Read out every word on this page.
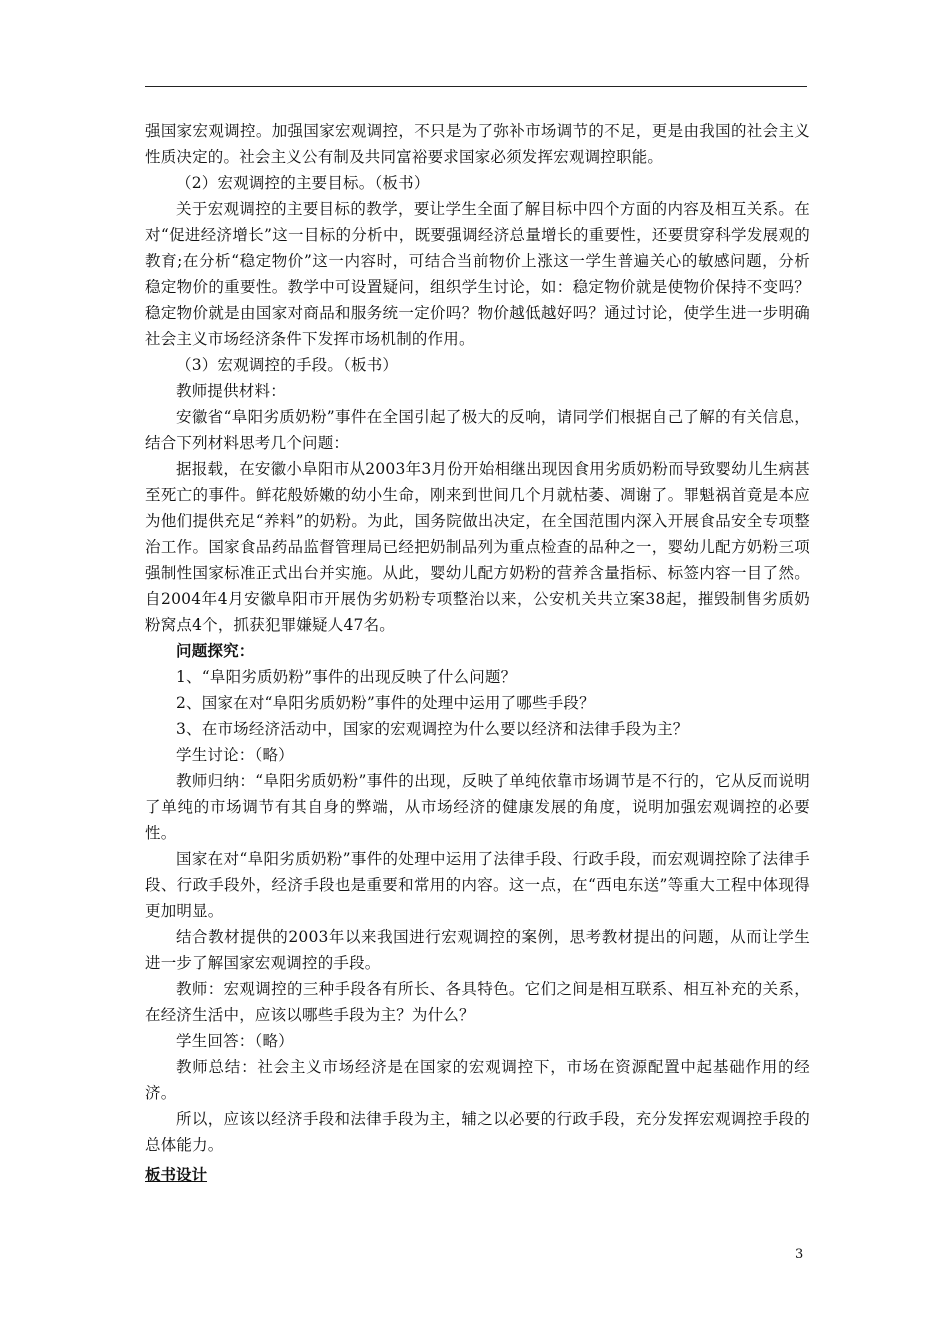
强国家宏观调控。加强国家宏观调控，不只是为了弥补市场调节的不足，更是由我国的社会主义性质决定的。社会主义公有制及共同富裕要求国家必须发挥宏观调控职能。

（2）宏观调控的主要目标。（板书）

关于宏观调控的主要目标的教学，要让学生全面了解目标中四个方面的内容及相互关系。在对“促进经济增长”这一目标的分析中，既要强调经济总量增长的重要性，还要贯穿科学发展观的教育;在分析“稳定物价”这一内容时，可结合当前物价上涨这一学生普遍关心的敏感问题，分析稳定物价的重要性。教学中可设置疑问，组织学生讨论，如：稳定物价就是使物价保持不变吗？稳定物价就是由国家对商品和服务统一定价吗？物价越低越好吗？通过讨论，使学生进一步明确社会主义市场经济条件下发挥市场机制的作用。

（3）宏观调控的手段。（板书）

教师提供材料：

安徽省“阜阳劣质奶粉”事件在全国引起了极大的反响，请同学们根据自己了解的有关信息，结合下列材料思考几个问题：

据报载，在安徽小阜阳市从2003年3月份开始相继出现因食用劣质奶粉而导致婴幼儿生病甚至死亡的事件。鲜花般娇嫩的幼小生命，刚来到世间几个月就枯萎、凋谢了。罪魁祸首竟是本应为他们提供充足“养料”的奶粉。为此，国务院做出决定，在全国范围内深入开展食品安全专项整治工作。国家食品药品监督管理局已经把奶制品列为重点检查的品种之一，婴幼儿配方奶粉三项强制性国家标准正式出台并实施。从此，婴幼儿配方奶粉的营养含量指标、标签内容一目了然。自2004年4月安徽阜阳市开展伪劣奶粉专项整治以来，公安机关共立案38起，摧毁制售劣质奶粉窝点4个，抓获犯罪嫌疑人47名。

问题探究：

1、“阜阳劣质奶粉”事件的出现反映了什么问题？

2、国家在对“阜阳劣质奶粉”事件的处理中运用了哪些手段？

3、在市场经济活动中，国家的宏观调控为什么要以经济和法律手段为主？

学生讨论：（略）

教师归纳：“阜阳劣质奶粉”事件的出现，反映了单纯依靠市场调节是不行的，它从反而说明了单纯的市场调节有其自身的弊端，从市场经济的健康发展的角度，说明加强宏观调控的必要性。

国家在对“阜阳劣质奶粉”事件的处理中运用了法律手段、行政手段，而宏观调控除了法律手段、行政手段外，经济手段也是重要和常用的内容。这一点，在“西电东送”等重大工程中体现得更加明显。

结合教材提供的2003年以来我国进行宏观调控的案例，思考教材提出的问题，从而让学生进一步了解国家宏观调控的手段。

教师：宏观调控的三种手段各有所长、各具特色。它们之间是相互联系、相互补充的关系，在经济生活中，应该以哪些手段为主？为什么？

学生回答：（略）

教师总结：社会主义市场经济是在国家的宏观调控下，市场在资源配置中起基础作用的经济。

所以，应该以经济手段和法律手段为主，辅之以必要的行政手段，充分发挥宏观调控手段的总体能力。

板书设计

3
